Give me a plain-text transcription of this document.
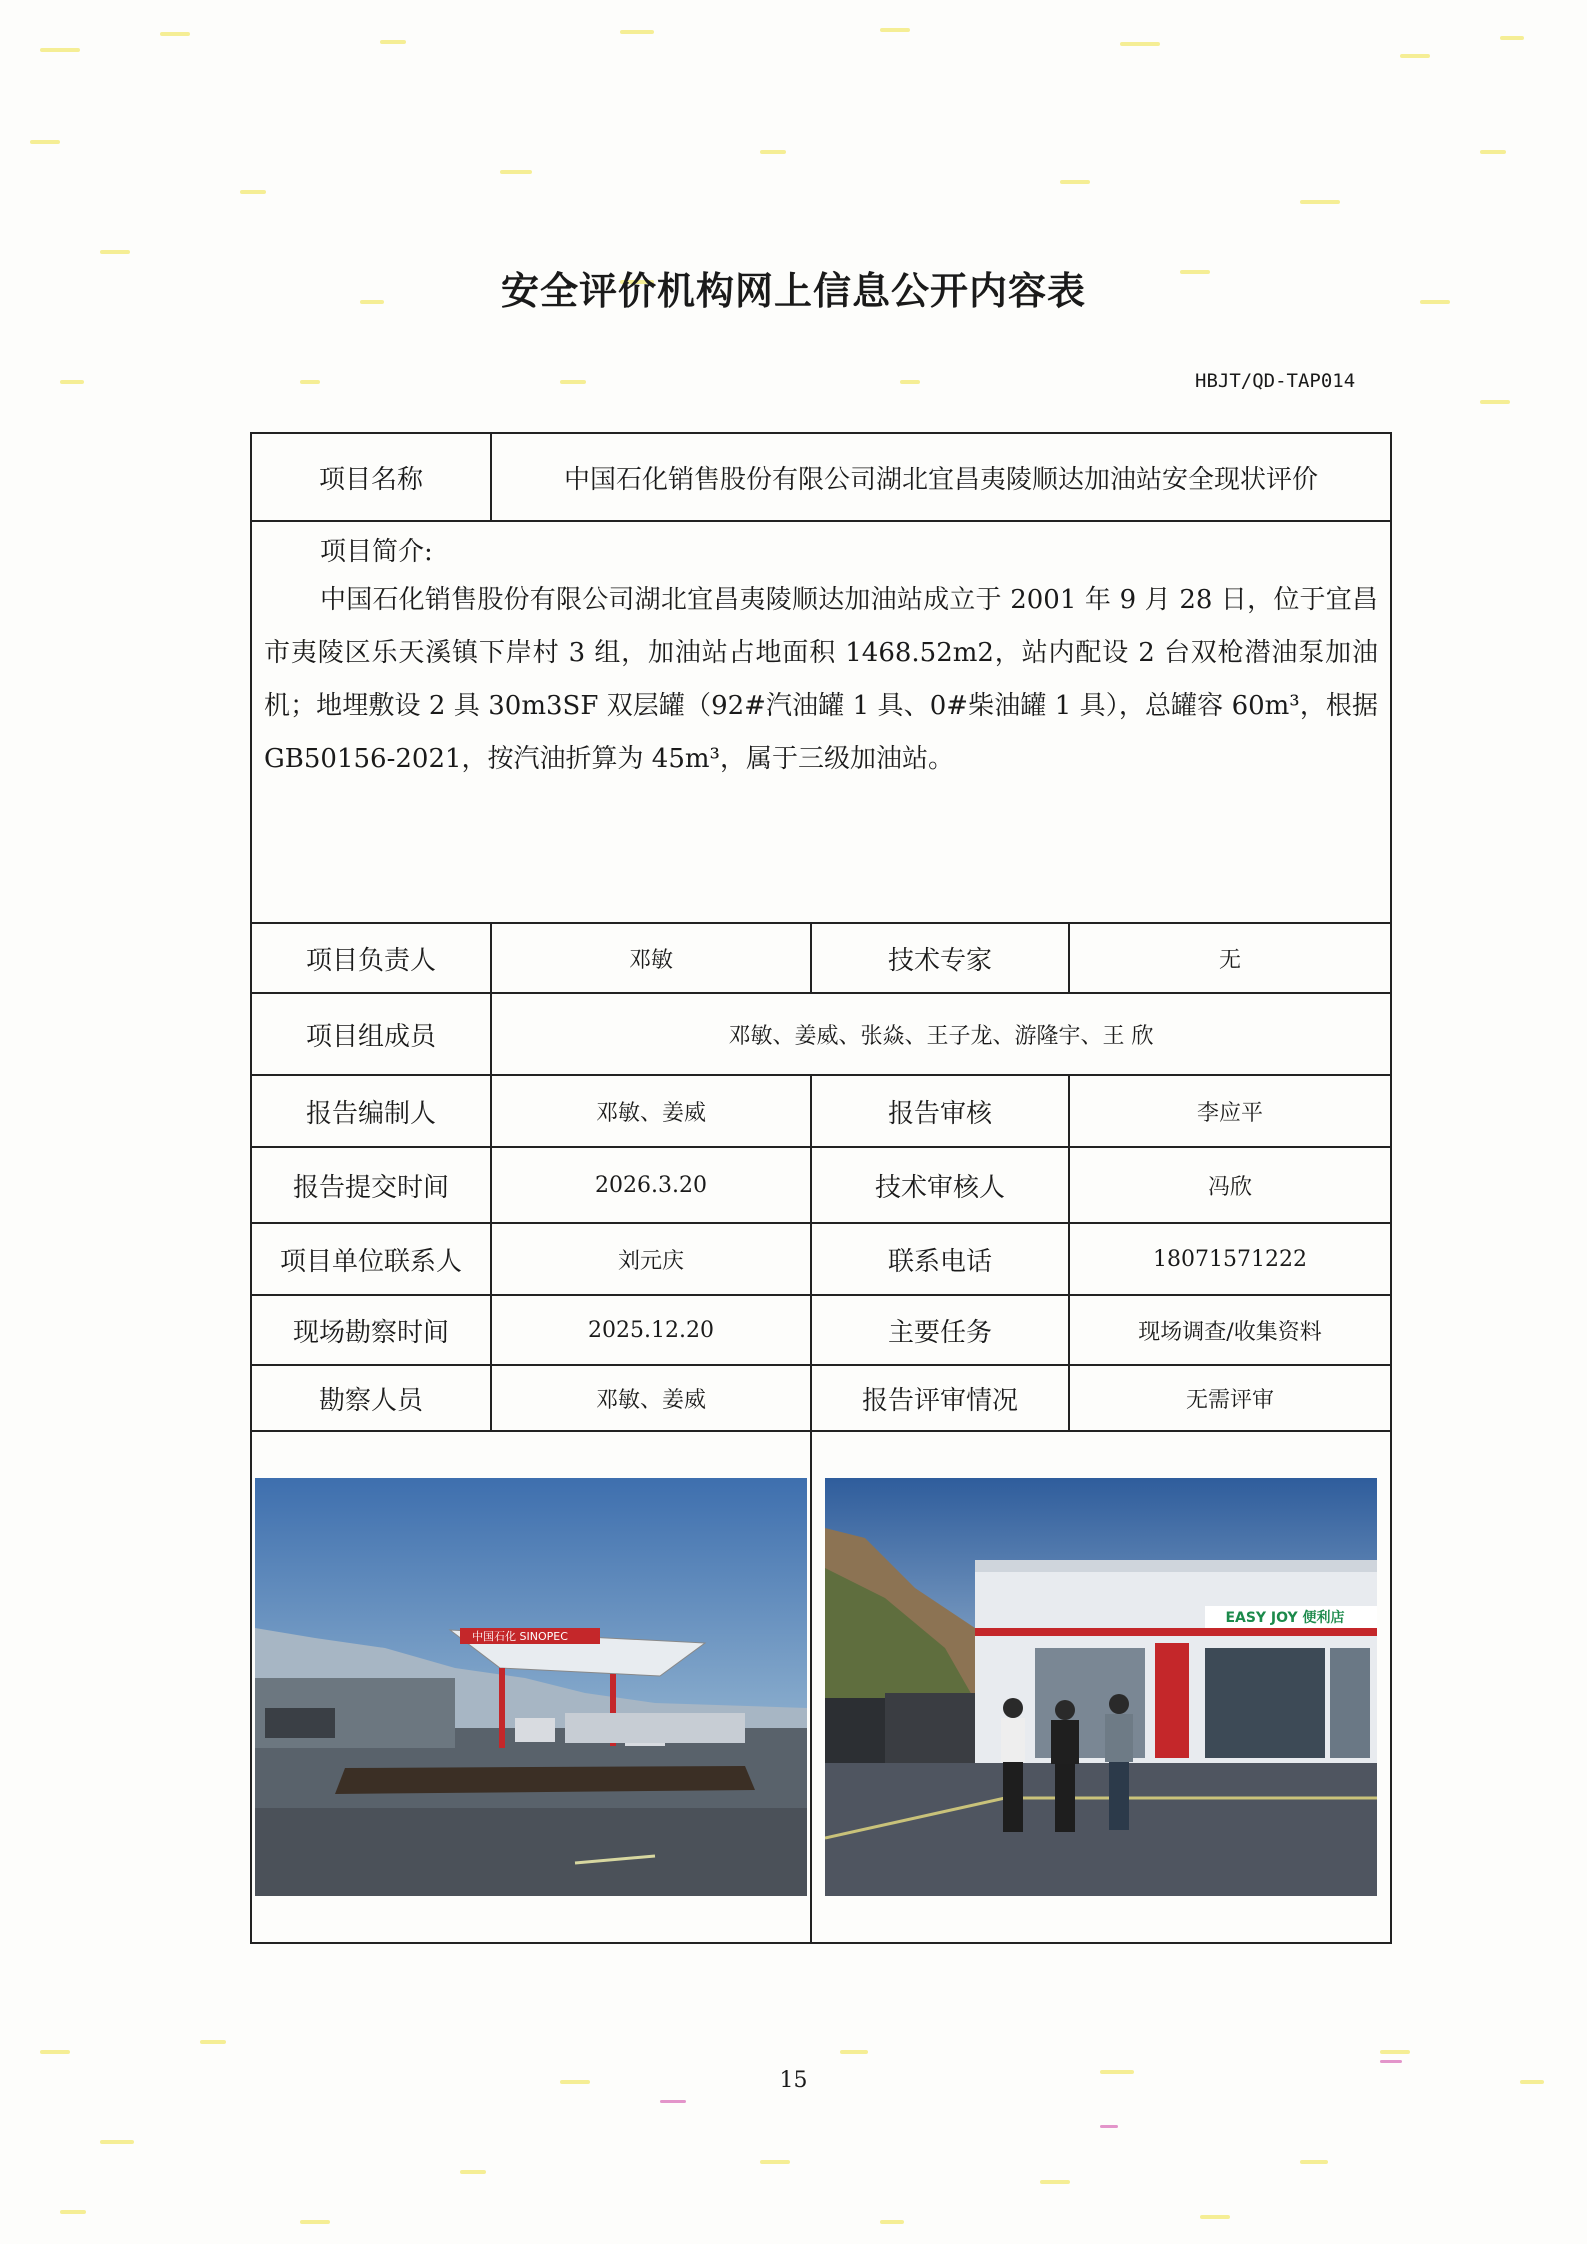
安全评价机构网上信息公开内容表
HBJT/QD-TAP014
项目名称	中国石化销售股份有限公司湖北宜昌夷陵顺达加油站安全现状评价		

项目简介:
中国石化销售股份有限公司湖北宜昌夷陵顺达加油站成立于 2001 年 9 月 28 日，位于宜昌市夷陵区乐天溪镇下岸村 3 组，加油站占地面积 1468.52m2，站内配设 2 台双枪潜油泵加油机；地埋敷设 2 具 30m3SF 双层罐（92#汽油罐 1 具、0#柴油罐 1 具），总罐容 60m³，根据 GB50156-2021，按汽油折算为 45m³，属于三级加油站。			

项目负责人	邓敏	技术专家	无
项目组成员	邓敏、姜威、张焱、王子龙、游隆宇、王 欣		
报告编制人	邓敏、姜威	报告审核	李应平
报告提交时间	2026.3.20	技术审核人	冯欣
项目单位联系人	刘元庆	联系电话	18071571222
现场勘察时间	2025.12.20	主要任务	现场调查/收集资料
勘察人员	邓敏、姜威	报告评审情况	无需评审

中国石化 SINOPEC		EASY JOY 便利店	
15
